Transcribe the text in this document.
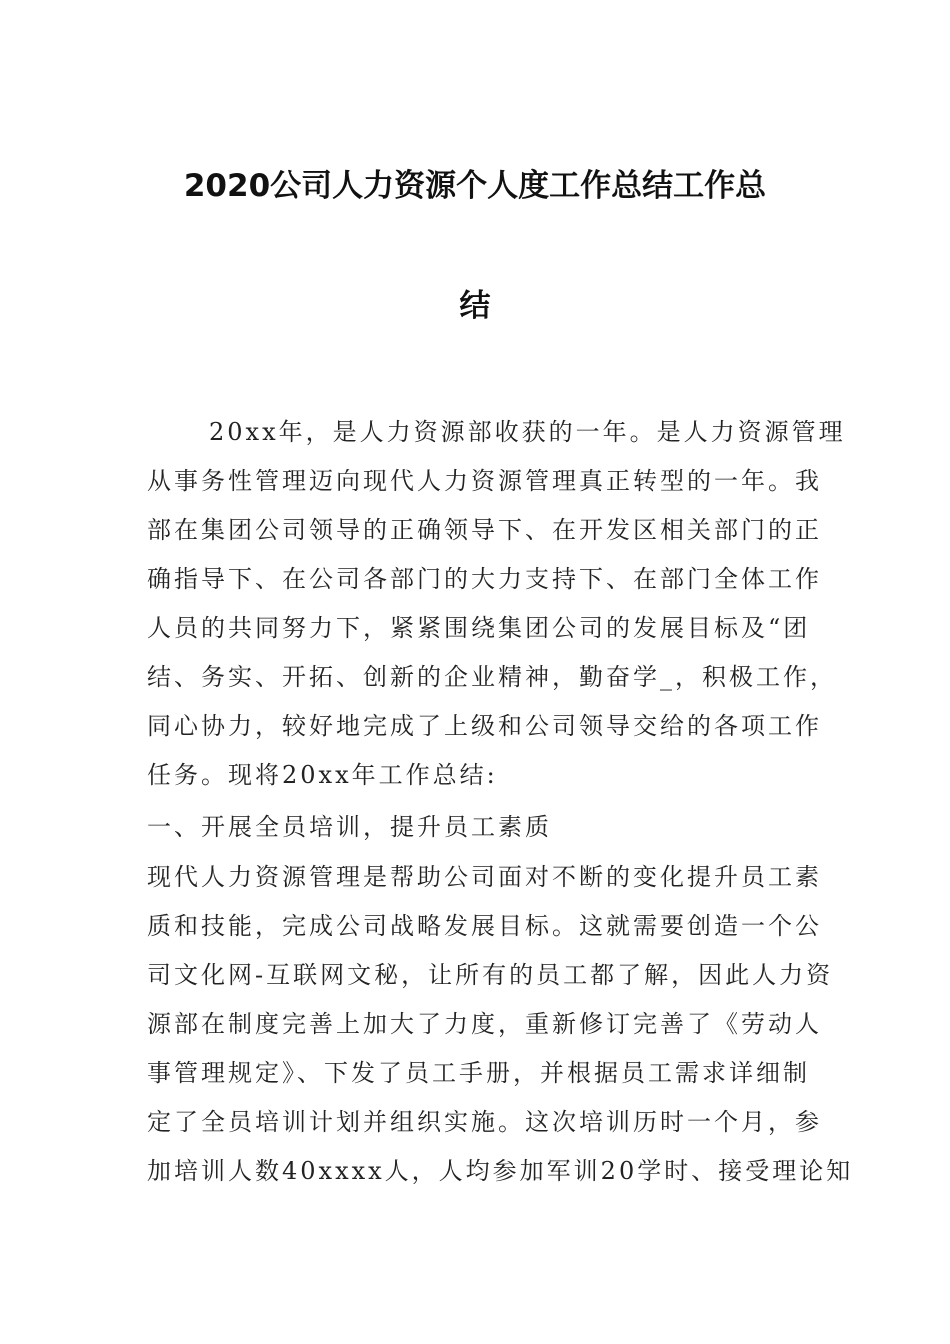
2020公司人力资源个人度工作总结工作总
结
20xx年，是人力资源部收获的一年。是人力资源管理
从事务性管理迈向现代人力资源管理真正转型的一年。我
部在集团公司领导的正确领导下、在开发区相关部门的正
确指导下、在公司各部门的大力支持下、在部门全体工作
人员的共同努力下，紧紧围绕集团公司的发展目标及“团
结、务实、开拓、创新的企业精神，勤奋学_，积极工作，
同心协力，较好地完成了上级和公司领导交给的各项工作
任务。现将20xx年工作总结:
一、开展全员培训，提升员工素质
现代人力资源管理是帮助公司面对不断的变化提升员工素
质和技能，完成公司战略发展目标。这就需要创造一个公
司文化网-互联网文秘，让所有的员工都了解，因此人力资
源部在制度完善上加大了力度，重新修订完善了《劳动人
事管理规定》、下发了员工手册，并根据员工需求详细制
定了全员培训计划并组织实施。这次培训历时一个月，参
加培训人数40xxxx人，人均参加军训20学时、接受理论知
